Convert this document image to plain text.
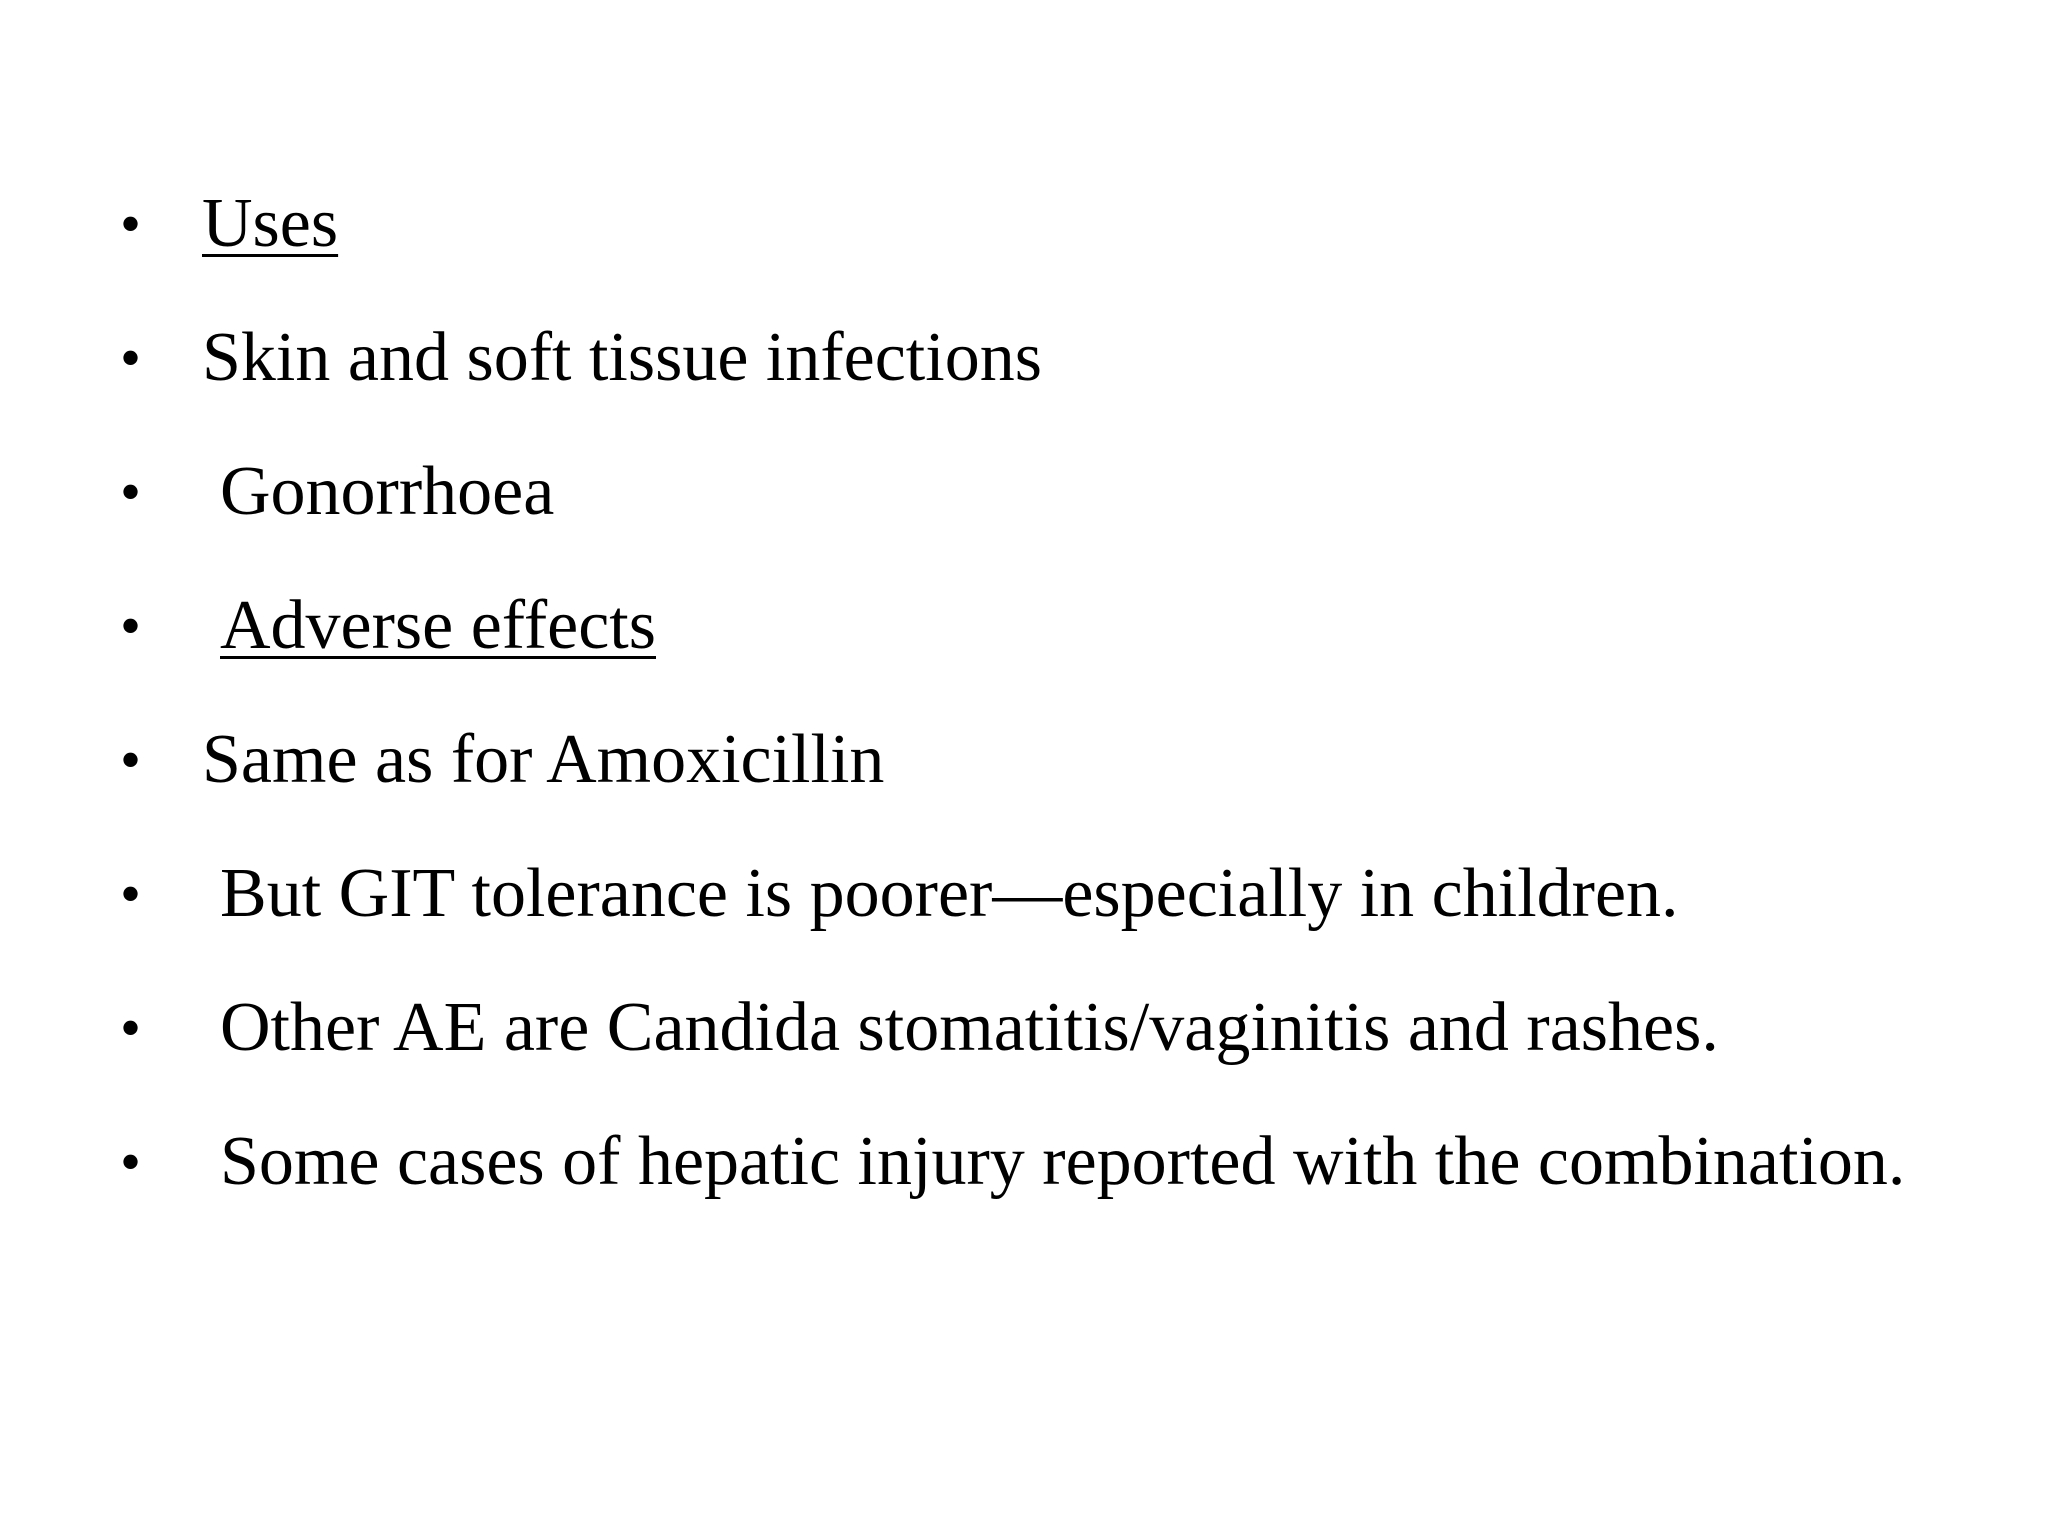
• Uses
• Skin and soft tissue infections
• Gonorrhoea
• Adverse effects
• Same as for Amoxicillin
• But GIT tolerance is poorer—especially in children.
• Other AE are Candida stomatitis/vaginitis and rashes.
• Some cases of hepatic injury reported with the combination.
